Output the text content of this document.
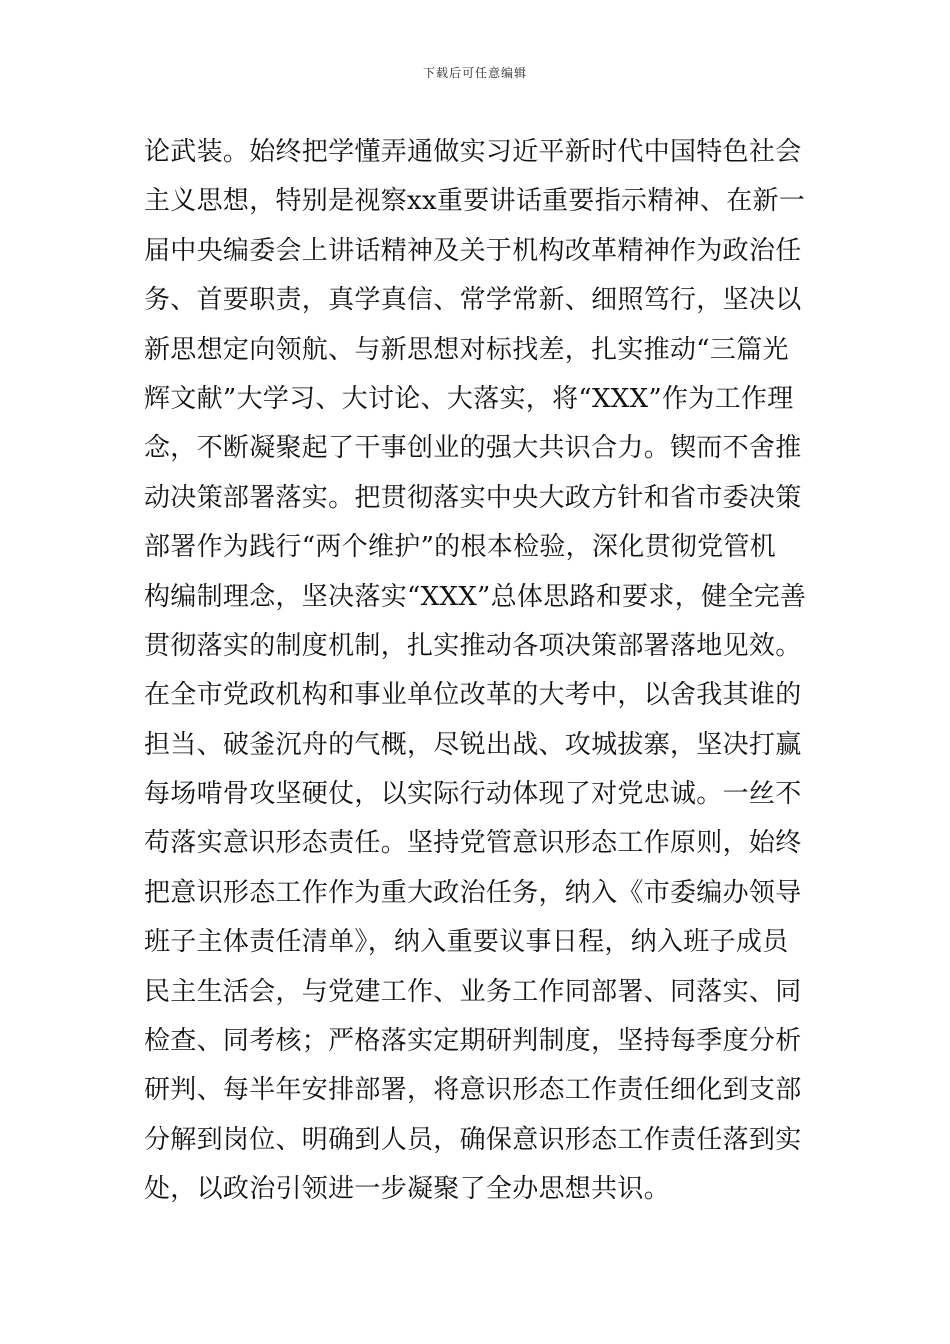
下载后可任意编辑
论武装。始终把学懂弄通做实习近平新时代中国特色社会
主义思想，特别是视察xx重要讲话重要指示精神、在新一
届中央编委会上讲话精神及关于机构改革精神作为政治任
务、首要职责，真学真信、常学常新、细照笃行，坚决以
新思想定向领航、与新思想对标找差，扎实推动“三篇光
辉文献”大学习、大讨论、大落实，将“XXX”作为工作理
念，不断凝聚起了干事创业的强大共识合力。锲而不舍推
动决策部署落实。把贯彻落实中央大政方针和省市委决策
部署作为践行“两个维护”的根本检验，深化贯彻党管机
构编制理念，坚决落实“XXX”总体思路和要求，健全完善
贯彻落实的制度机制，扎实推动各项决策部署落地见效。
在全市党政机构和事业单位改革的大考中，以舍我其谁的
担当、破釜沉舟的气概，尽锐出战、攻城拔寨，坚决打赢
每场啃骨攻坚硬仗，以实际行动体现了对党忠诚。一丝不
苟落实意识形态责任。坚持党管意识形态工作原则，始终
把意识形态工作作为重大政治任务，纳入《市委编办领导
班子主体责任清单》，纳入重要议事日程，纳入班子成员
民主生活会，与党建工作、业务工作同部署、同落实、同
检查、同考核；严格落实定期研判制度，坚持每季度分析
研判、每半年安排部署，将意识形态工作责任细化到支部
分解到岗位、明确到人员，确保意识形态工作责任落到实
处，以政治引领进一步凝聚了全办思想共识。
